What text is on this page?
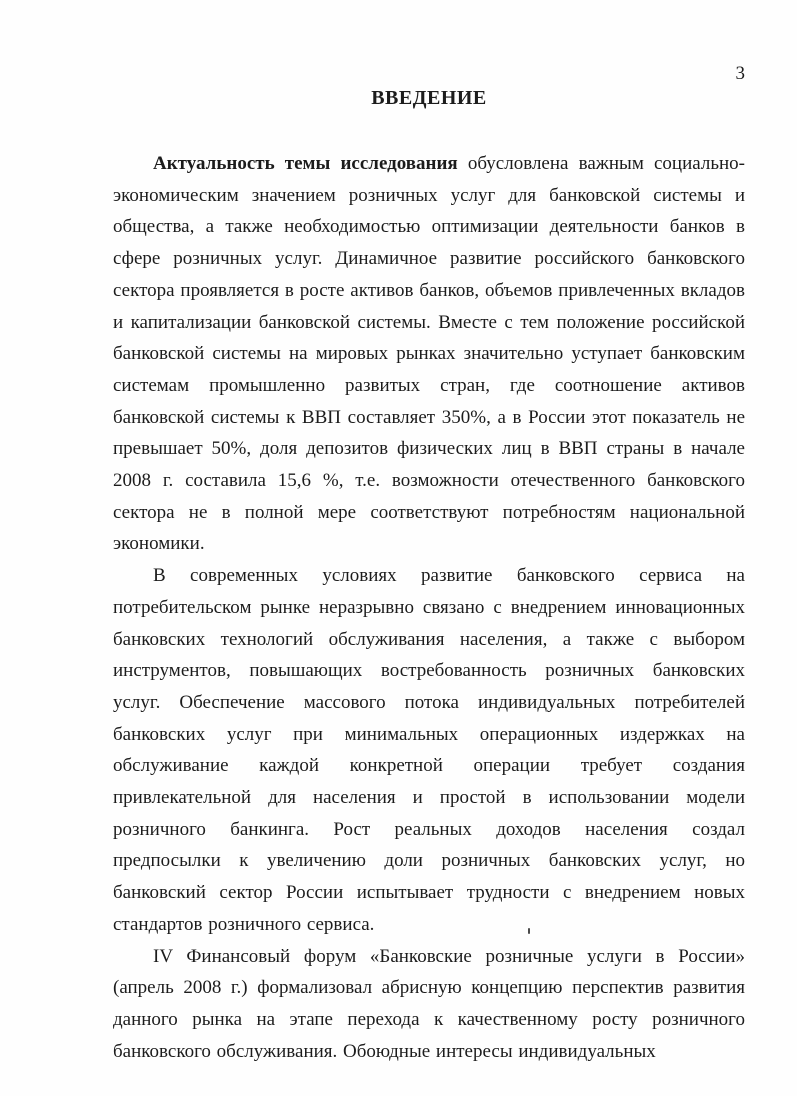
3
ВВЕДЕНИЕ

Актуальность темы исследования обусловлена важным социально-экономическим значением розничных услуг для банковской системы и общества, а также необходимостью оптимизации деятельности банков в сфере розничных услуг. Динамичное развитие российского банковского сектора проявляется в росте активов банков, объемов привлеченных вкладов и капитализации банковской системы. Вместе с тем положение российской банковской системы на мировых рынках значительно уступает банковским системам промышленно развитых стран, где соотношение активов банковской системы к ВВП составляет 350%, а в России этот показатель не превышает 50%, доля депозитов физических лиц в ВВП страны в начале 2008 г. составила 15,6 %, т.е. возможности отечественного банковского сектора не в полной мере соответствуют потребностям национальной экономики.

В современных условиях развитие банковского сервиса на потребительском рынке неразрывно связано с внедрением инновационных банковских технологий обслуживания населения, а также с выбором инструментов, повышающих востребованность розничных банковских услуг. Обеспечение массового потока индивидуальных потребителей банковских услуг при минимальных операционных издержках на обслуживание каждой конкретной операции требует создания привлекательной для населения и простой в использовании модели розничного банкинга. Рост реальных доходов населения создал предпосылки к увеличению доли розничных банковских услуг, но банковский сектор России испытывает трудности с внедрением новых стандартов розничного сервиса.

IV Финансовый форум «Банковские розничные услуги в России» (апрель 2008 г.) формализовал абрисную концепцию перспектив развития данного рынка на этапе перехода к качественному росту розничного банковского обслуживания. Обоюдные интересы индивидуальных
